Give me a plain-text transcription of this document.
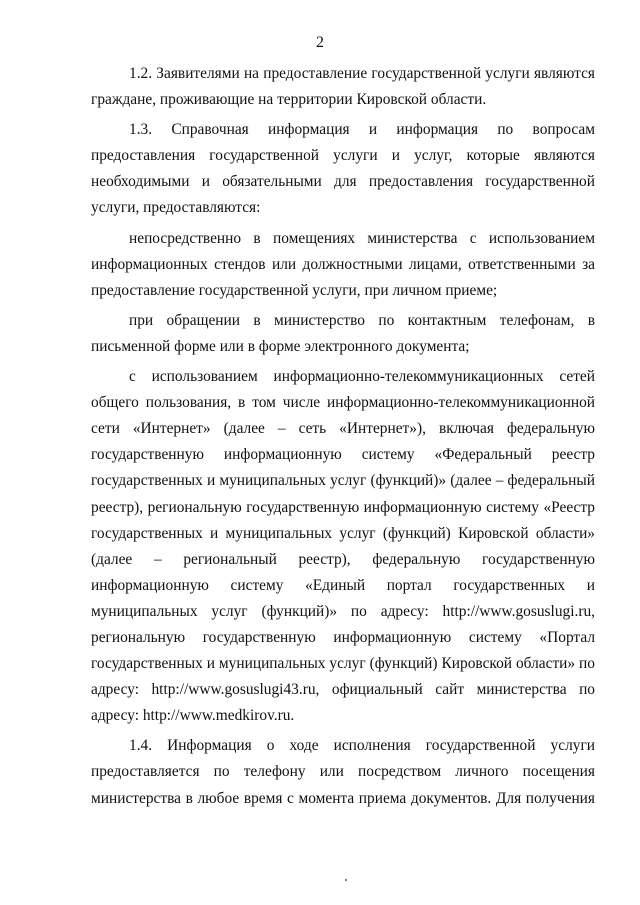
2

1.2. Заявителями на предоставление государственной услуги являются граждане, проживающие на территории Кировской области.

1.3. Справочная информация и информация по вопросам предоставления государственной услуги и услуг, которые являются необходимыми и обязательными для предоставления государственной услуги, предоставляются:

непосредственно в помещениях министерства с использованием информационных стендов или должностными лицами, ответственными за предоставление государственной услуги, при личном приеме;

при обращении в министерство по контактным телефонам, в письменной форме или в форме электронного документа;

с использованием информационно-телекоммуникационных сетей общего пользования, в том числе информационно-телекоммуникационной сети «Интернет» (далее – сеть «Интернет»), включая федеральную государственную информационную систему «Федеральный реестр государственных и муниципальных услуг (функций)» (далее – федеральный реестр), региональную государственную информационную систему «Реестр государственных и муниципальных услуг (функций) Кировской области» (далее – региональный реестр), федеральную государственную информационную систему «Единый портал государственных и муниципальных услуг (функций)» по адресу: http://www.gosuslugi.ru, региональную государственную информационную систему «Портал государственных и муниципальных услуг (функций) Кировской области» по адресу: http://www.gosuslugi43.ru, официальный сайт министерства по адресу: http://www.medkirov.ru.

1.4. Информация о ходе исполнения государственной услуги предоставляется по телефону или посредством личного посещения министерства в любое время с момента приема документов. Для получения
